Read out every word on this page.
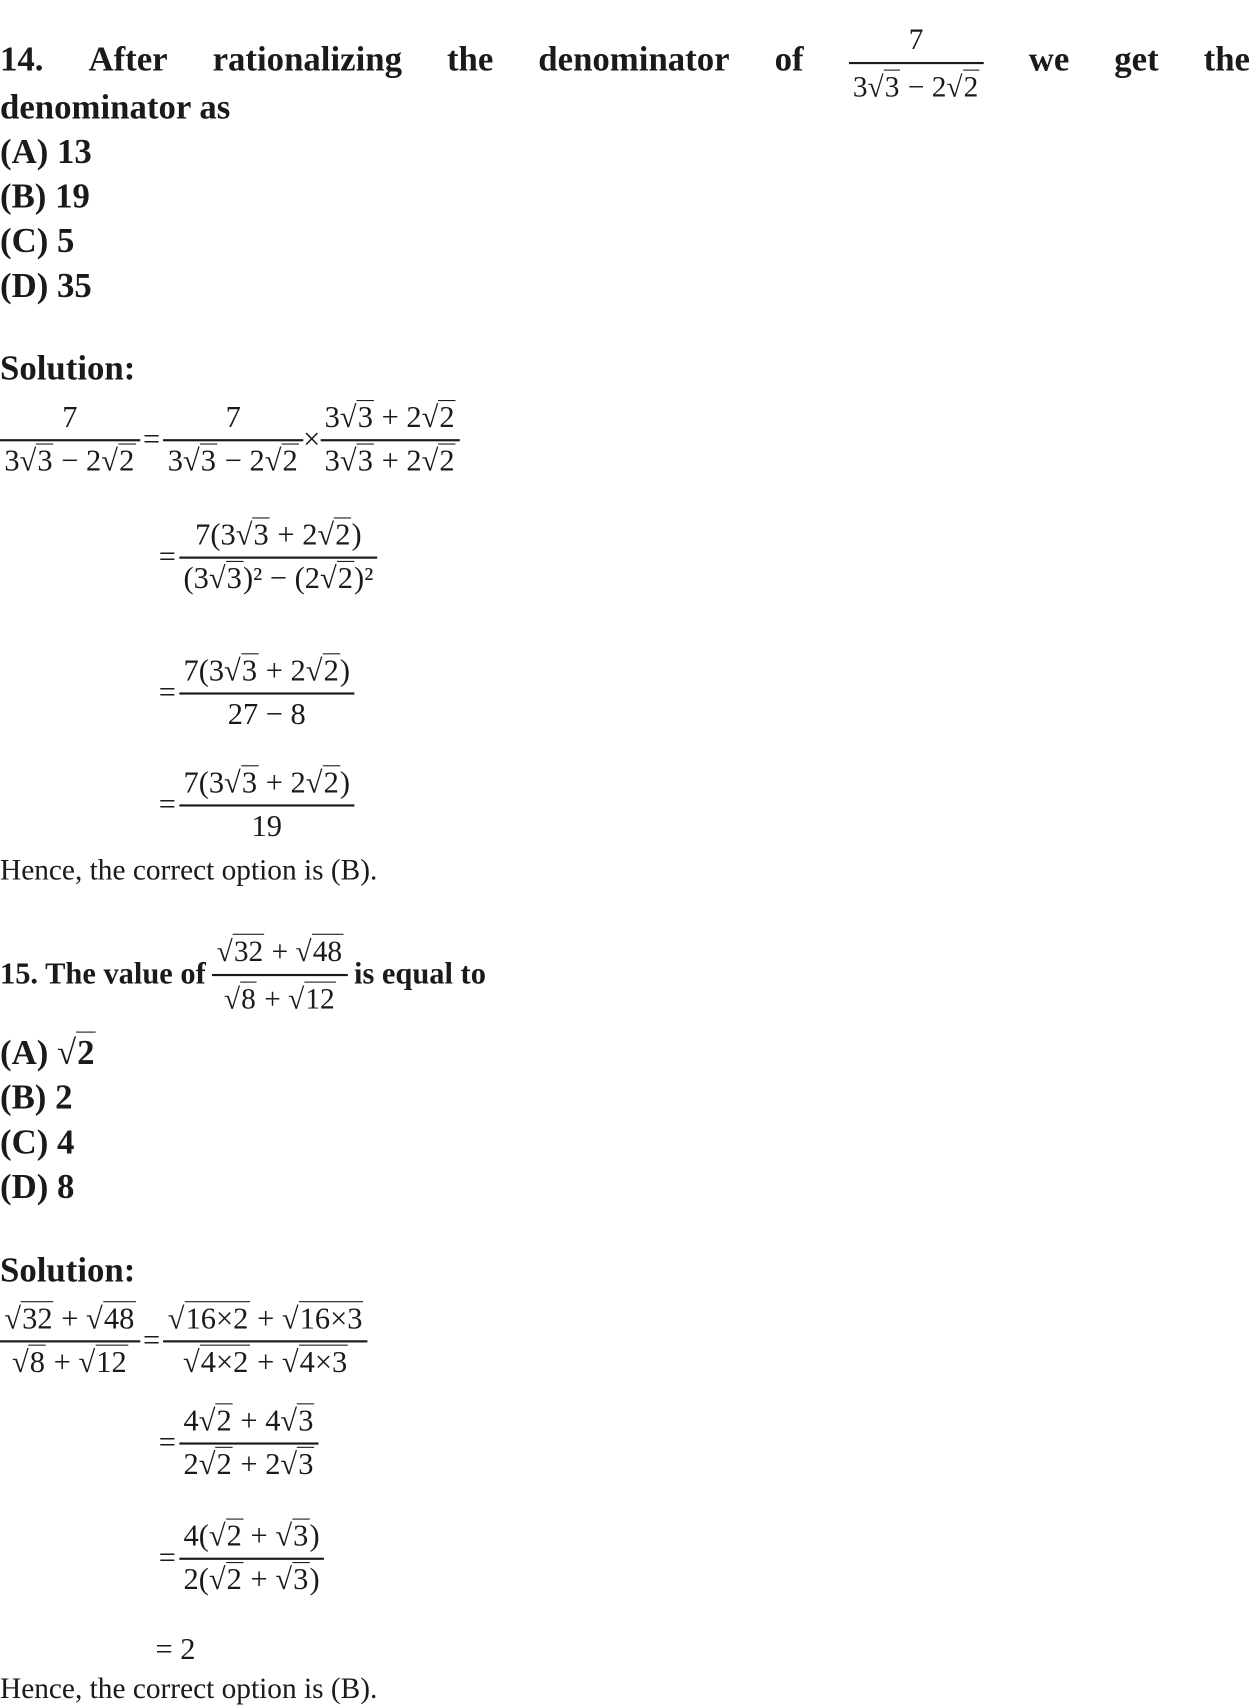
14. After rationalizing the denominator of $\frac{7}{3√3 - 2√2}$ we get the
denominator as
(A) 13
(B) 19
(C) 5
(D) 35
Solution:
$\frac{7}{3√3 - 2√2} = \frac{7}{3√3 - 2√2} \times \frac{3√3 + 2√2}{3√3 + 2√2}$
= $\frac{7(3√3 + 2√2)}{\text{(3√3)² − (2√2)²}}$
= $\frac{7(3√3 + 2√2)}{27 - 8}$
= $\frac{7(3√3 + 2√2)}{19}$
Hence, the correct option is (B).
15. The value of $\frac{√32 + √48}{√8 + √12}$ is equal to
(A) √2
(B) 2
(C) 4
(D) 8
Solution:
$\frac{√32 + √48}{√8 + √12} = \frac{√16\times 2 + √16\times 3}{√4\times 2 + √4\times 3}$
= $\frac{4√2 + 4√3}{2√2 + 2√3}$
= $\frac{4(√2 + √3)}{2(√2 + √3)}$
= 2
Hence, the correct option is (B).
